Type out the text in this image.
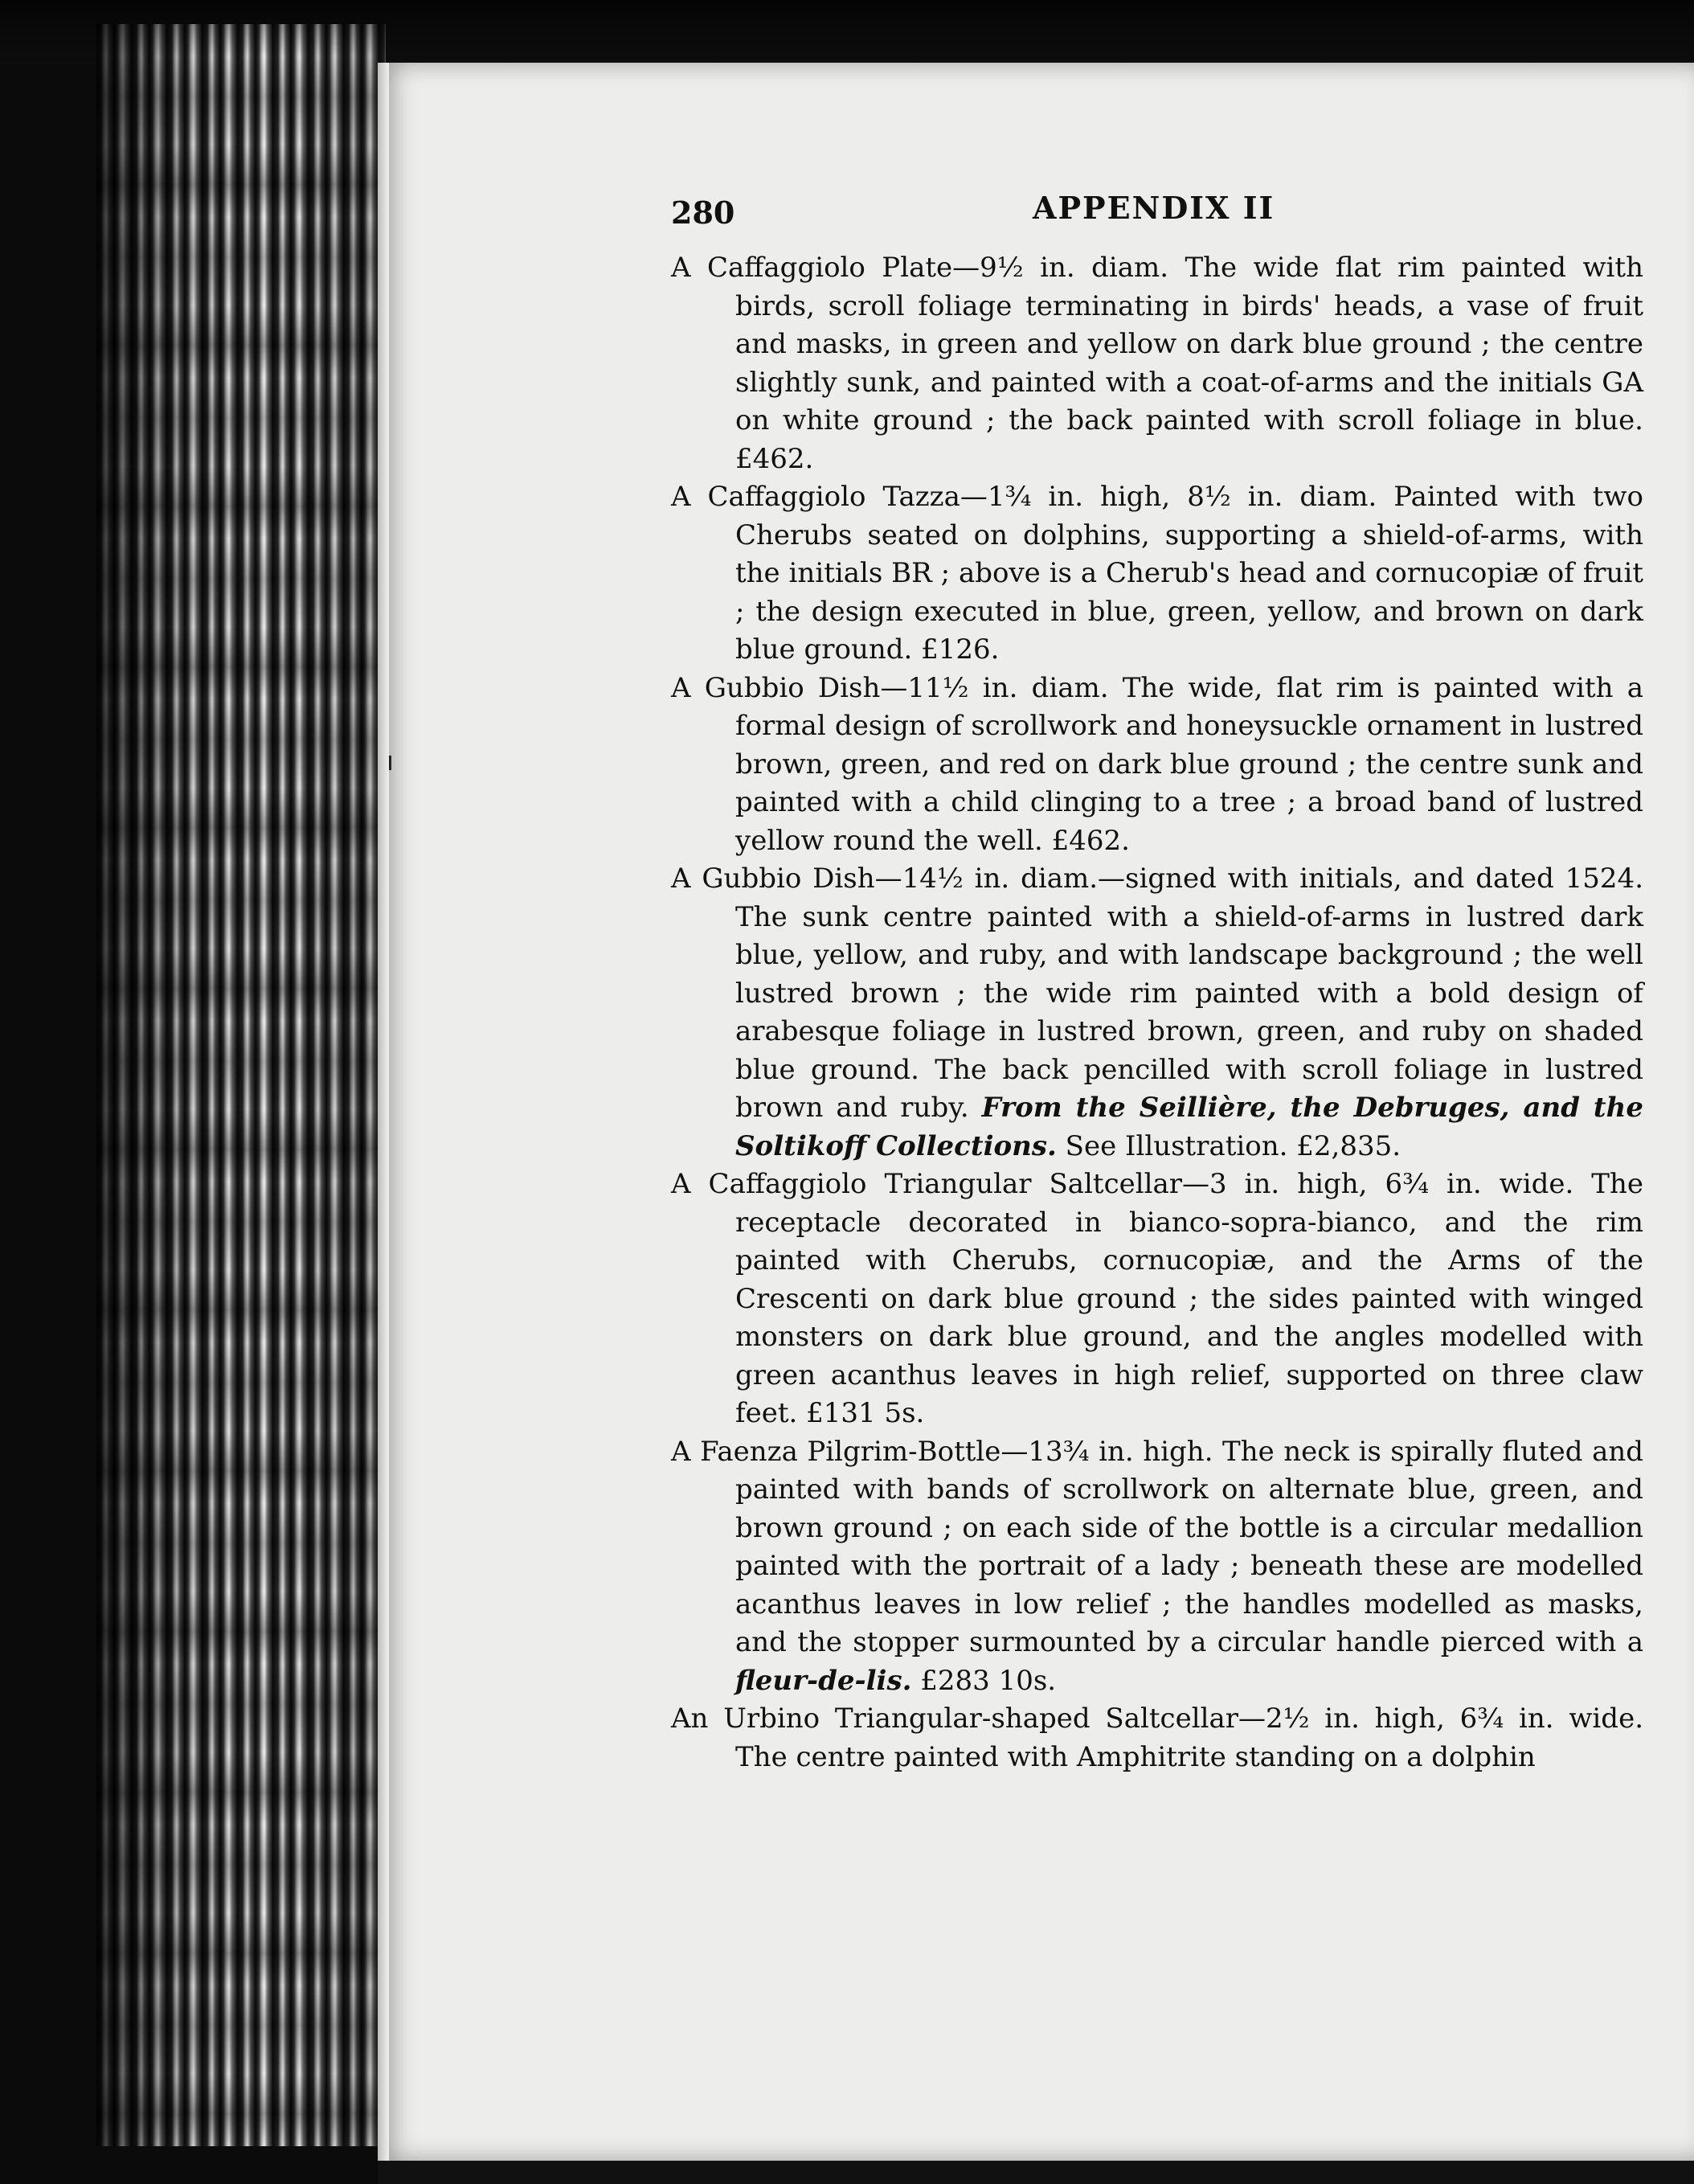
280	APPENDIX II

A Caffaggiolo Plate—9½ in. diam. The wide flat rim painted with birds, scroll foliage terminating in birds' heads, a vase of fruit and masks, in green and yellow on dark blue ground ; the centre slightly sunk, and painted with a coat-of-arms and the initials GA on white ground ; the back painted with scroll foliage in blue. £462.

A Caffaggiolo Tazza—1¾ in. high, 8½ in. diam. Painted with two Cherubs seated on dolphins, supporting a shield-of-arms, with the initials BR ; above is a Cherub's head and cornucopiæ of fruit ; the design executed in blue, green, yellow, and brown on dark blue ground. £126.

A Gubbio Dish—11½ in. diam. The wide, flat rim is painted with a formal design of scrollwork and honeysuckle ornament in lustred brown, green, and red on dark blue ground ; the centre sunk and painted with a child clinging to a tree ; a broad band of lustred yellow round the well. £462.

A Gubbio Dish—14½ in. diam.—signed with initials, and dated 1524. The sunk centre painted with a shield-of-arms in lustred dark blue, yellow, and ruby, and with landscape background ; the well lustred brown ; the wide rim painted with a bold design of arabesque foliage in lustred brown, green, and ruby on shaded blue ground. The back pencilled with scroll foliage in lustred brown and ruby. From the Seillière, the Debruges, and the Soltikoff Collections. See Illustration. £2,835.

A Caffaggiolo Triangular Saltcellar—3 in. high, 6¾ in. wide. The receptacle decorated in bianco-sopra-bianco, and the rim painted with Cherubs, cornucopiæ, and the Arms of the Crescenti on dark blue ground ; the sides painted with winged monsters on dark blue ground, and the angles modelled with green acanthus leaves in high relief, supported on three claw feet. £131 5s.

A Faenza Pilgrim-Bottle—13¾ in. high. The neck is spirally fluted and painted with bands of scrollwork on alternate blue, green, and brown ground ; on each side of the bottle is a circular medallion painted with the portrait of a lady ; beneath these are modelled acanthus leaves in low relief ; the handles modelled as masks, and the stopper surmounted by a circular handle pierced with a fleur-de-lis. £283 10s.

An Urbino Triangular-shaped Saltcellar—2½ in. high, 6¾ in. wide. The centre painted with Amphitrite standing on a dolphin
